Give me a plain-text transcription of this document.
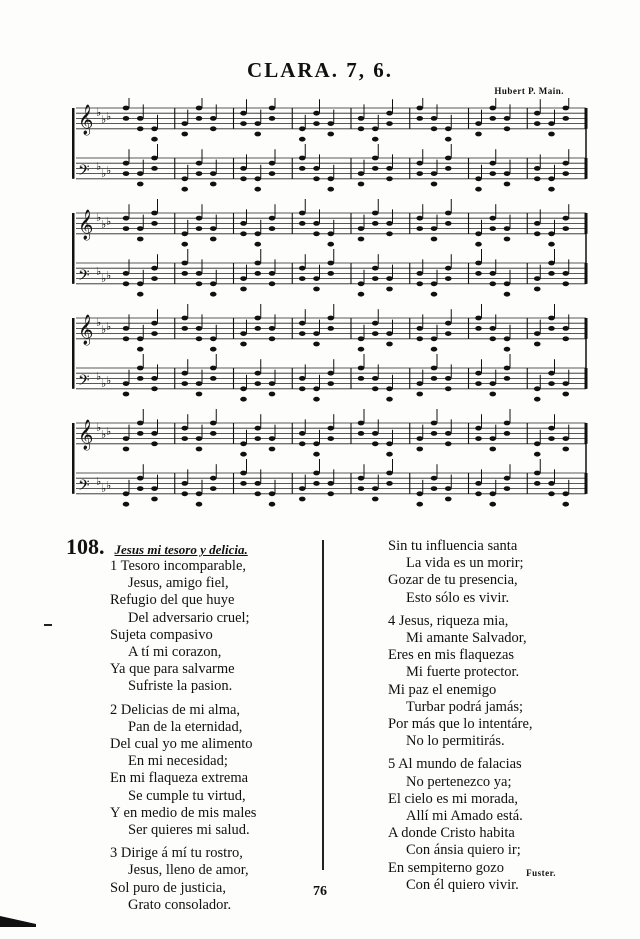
CLARA. 7, 6.
Hubert P. Main.
𝄞 ♭
♭ ♭
𝄢 ♭
♭ ♭
𝄞 ♭
♭ ♭
𝄢 ♭
♭ ♭
𝄞 ♭
♭ ♭
𝄢 ♭
♭ ♭
𝄞 ♭
♭ ♭
𝄢 ♭
♭ ♭
108. Jesus mi tesoro y delicia.
1 Tesoro incomparable,
Jesus, amigo fiel,
Refugio del que huye
Del adversario cruel;
Sujeta compasivo
A tí mi corazon,
Ya que para salvarme
Sufriste la pasion.
2 Delicias de mi alma,
Pan de la eternidad,
Del cual yo me alimento
En mi necesidad;
En mi flaqueza extrema
Se cumple tu virtud,
Y en medio de mis males
Ser quieres mi salud.
3 Dirige á mí tu rostro,
Jesus, lleno de amor,
Sol puro de justicia,
Grato consolador.
Sin tu influencia santa
La vida es un morir;
Gozar de tu presencia,
Esto sólo es vivir.
4 Jesus, riqueza mia,
Mi amante Salvador,
Eres en mis flaquezas
Mi fuerte protector.
Mi paz el enemigo
Turbar podrá jamás;
Por más que lo intentáre,
No lo permitirás.
5 Al mundo de falacias
No pertenezco ya;
El cielo es mi morada,
Allí mi Amado está.
A donde Cristo habita
Con ánsia quiero ir;
En sempiterno gozo
Con él quiero vivir.
Fuster.
76
